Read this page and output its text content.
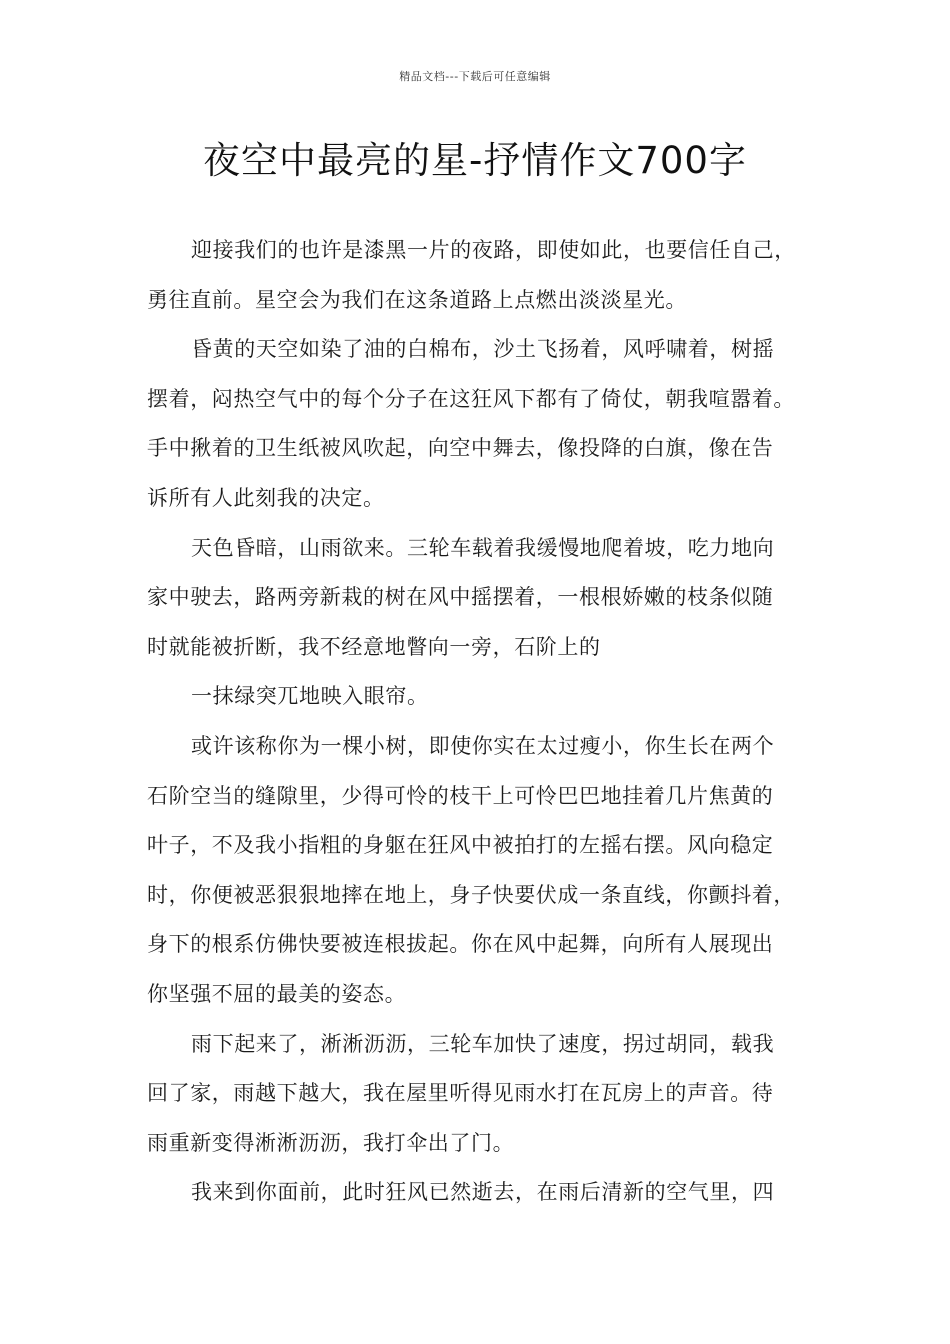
精品文档---下载后可任意编辑
夜空中最亮的星-抒情作文700字
迎接我们的也许是漆黑一片的夜路，即使如此，也要信任自己，
勇往直前。星空会为我们在这条道路上点燃出淡淡星光。
昏黄的天空如染了油的白棉布，沙土飞扬着，风呼啸着，树摇
摆着，闷热空气中的每个分子在这狂风下都有了倚仗，朝我喧嚣着。
手中揪着的卫生纸被风吹起，向空中舞去，像投降的白旗，像在告
诉所有人此刻我的决定。
天色昏暗，山雨欲来。三轮车载着我缓慢地爬着坡，吃力地向
家中驶去，路两旁新栽的树在风中摇摆着，一根根娇嫩的枝条似随
时就能被折断，我不经意地瞥向一旁，石阶上的
一抹绿突兀地映入眼帘。
或许该称你为一棵小树，即使你实在太过瘦小，你生长在两个
石阶空当的缝隙里，少得可怜的枝干上可怜巴巴地挂着几片焦黄的
叶子，不及我小指粗的身躯在狂风中被拍打的左摇右摆。风向稳定
时，你便被恶狠狠地摔在地上，身子快要伏成一条直线，你颤抖着，
身下的根系仿佛快要被连根拔起。你在风中起舞，向所有人展现出
你坚强不屈的最美的姿态。
雨下起来了，淅淅沥沥，三轮车加快了速度，拐过胡同，载我
回了家，雨越下越大，我在屋里听得见雨水打在瓦房上的声音。待
雨重新变得淅淅沥沥，我打伞出了门。
我来到你面前，此时狂风已然逝去，在雨后清新的空气里，四
